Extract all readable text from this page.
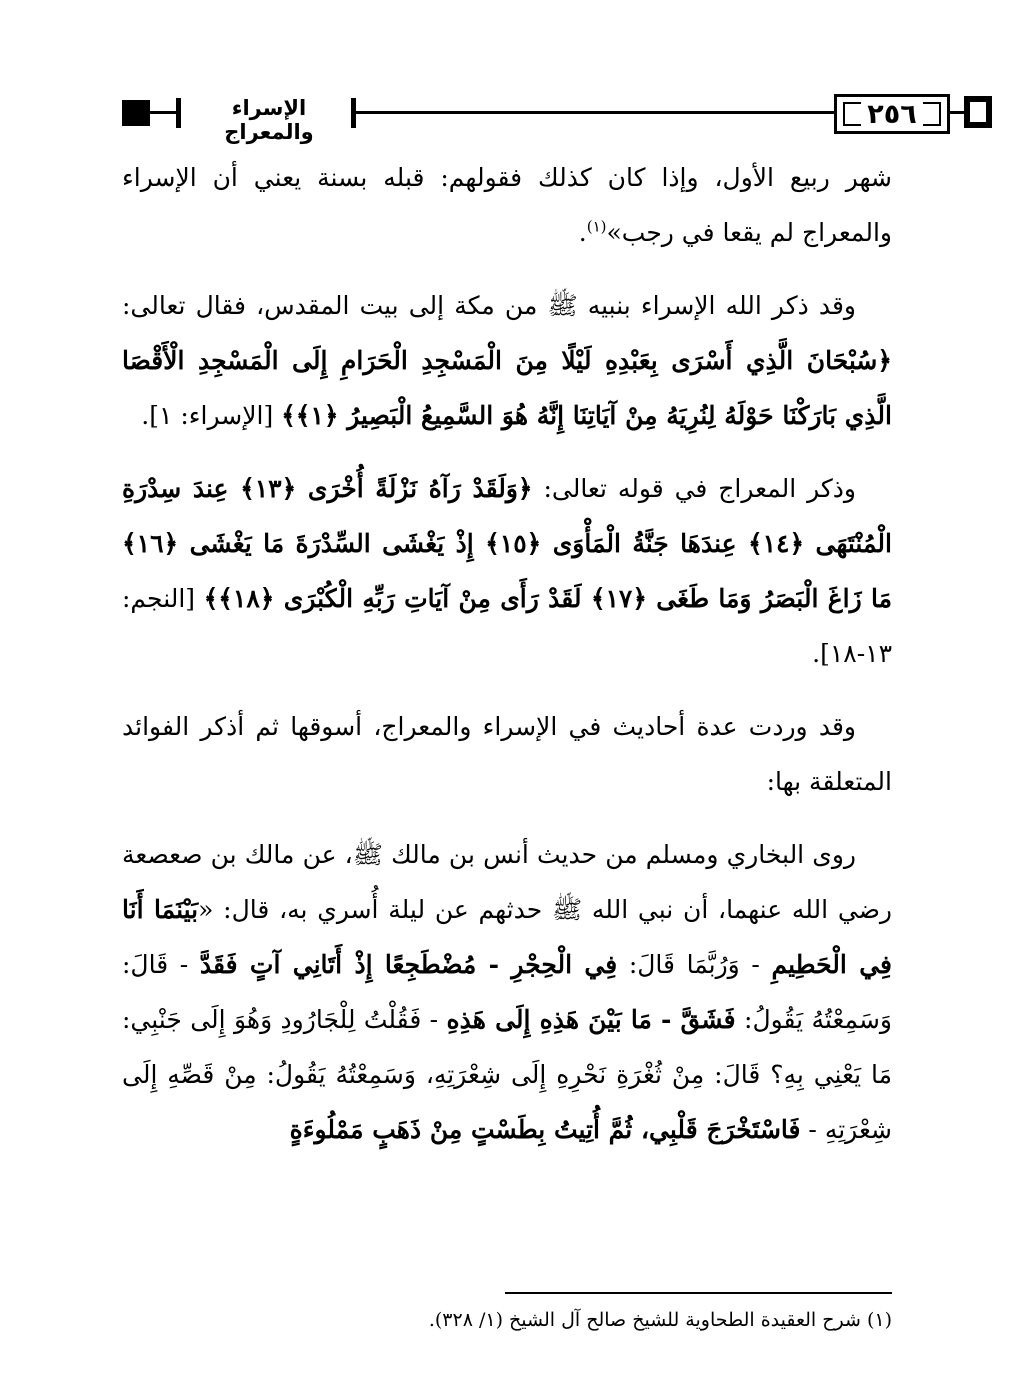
الإسراء والمعراج
٢٥٦

شهر ربيع الأول، وإذا كان كذلك فقولهم: قبله بسنة يعني أن الإسراء والمعراج لم يقعا في رجب»$^{(١)}$.

وقد ذكر الله الإسراء بنبيه ﷺ من مكة إلى بيت المقدس، فقال تعالى: ﴿سُبْحَانَ الَّذِي أَسْرَى بِعَبْدِهِ لَيْلًا مِنَ الْمَسْجِدِ الْحَرَامِ إِلَى الْمَسْجِدِ الْأَقْصَا الَّذِي بَارَكْنَا حَوْلَهُ لِنُرِيَهُ مِنْ آيَاتِنَا إِنَّهُ هُوَ السَّمِيعُ الْبَصِيرُ ﴿١﴾﴾ [الإسراء: ١].

وذكر المعراج في قوله تعالى: ﴿وَلَقَدْ رَآهُ نَزْلَةً أُخْرَى ﴿١٣﴾ عِندَ سِدْرَةِ الْمُنْتَهَى ﴿١٤﴾ عِندَهَا جَنَّةُ الْمَأْوَى ﴿١٥﴾ إِذْ يَغْشَى السِّدْرَةَ مَا يَغْشَى ﴿١٦﴾ مَا زَاغَ الْبَصَرُ وَمَا طَغَى ﴿١٧﴾ لَقَدْ رَأَى مِنْ آيَاتِ رَبِّهِ الْكُبْرَى ﴿١٨﴾﴾ [النجم: ١٣-١٨].

وقد وردت عدة أحاديث في الإسراء والمعراج، أسوقها ثم أذكر الفوائد المتعلقة بها:

روى البخاري ومسلم من حديث أنس بن مالك ﷺ، عن مالك بن صعصعة رضي الله عنهما، أن نبي الله ﷺ حدثهم عن ليلة أُسري به، قال: «بَيْنَمَا أَنَا فِي الْحَطِيمِ - وَرُبَّمَا قَالَ: فِي الْحِجْرِ - مُضْطَجِعًا إِذْ أَتَانِي آتٍ فَقَدَّ - قَالَ: وَسَمِعْتُهُ يَقُولُ: فَشَقَّ - مَا بَيْنَ هَذِهِ إِلَى هَذِهِ - فَقُلْتُ لِلْجَارُودِ وَهُوَ إِلَى جَنْبِي: مَا يَعْنِي بِهِ؟ قَالَ: مِنْ ثُغْرَةِ نَحْرِهِ إِلَى شِعْرَتِهِ، وَسَمِعْتُهُ يَقُولُ: مِنْ قَصِّهِ إِلَى شِعْرَتِهِ - فَاسْتَخْرَجَ قَلْبِي، ثُمَّ أُتِيتُ بِطَسْتٍ مِنْ ذَهَبٍ مَمْلُوءَةٍ

(١) شرح العقيدة الطحاوية للشيخ صالح آل الشيخ (١/ ٣٢٨).
